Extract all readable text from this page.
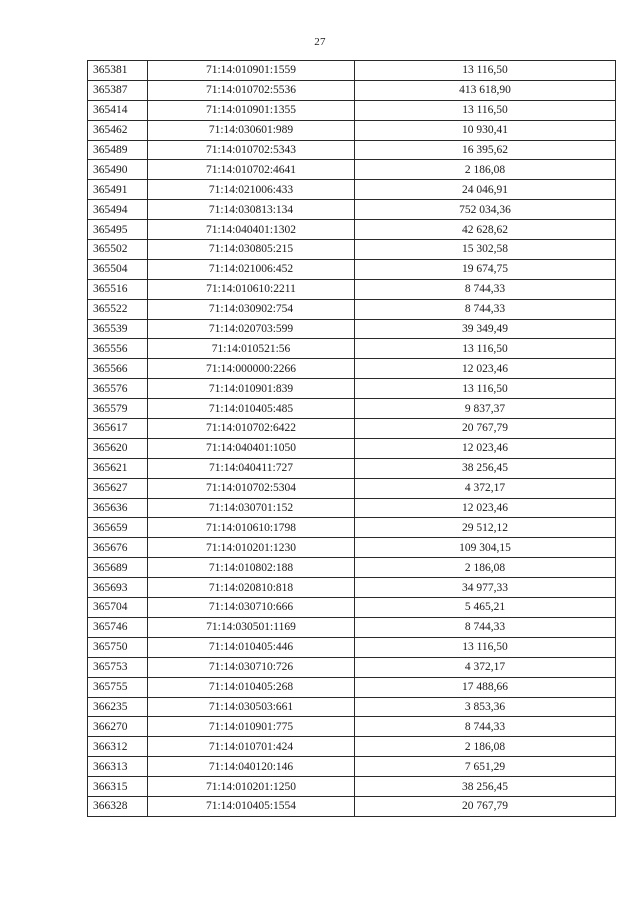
27
365381	71:14:010901:1559	13 116,50
365387	71:14:010702:5536	413 618,90
365414	71:14:010901:1355	13 116,50
365462	71:14:030601:989	10 930,41
365489	71:14:010702:5343	16 395,62
365490	71:14:010702:4641	2 186,08
365491	71:14:021006:433	24 046,91
365494	71:14:030813:134	752 034,36
365495	71:14:040401:1302	42 628,62
365502	71:14:030805:215	15 302,58
365504	71:14:021006:452	19 674,75
365516	71:14:010610:2211	8 744,33
365522	71:14:030902:754	8 744,33
365539	71:14:020703:599	39 349,49
365556	71:14:010521:56	13 116,50
365566	71:14:000000:2266	12 023,46
365576	71:14:010901:839	13 116,50
365579	71:14:010405:485	9 837,37
365617	71:14:010702:6422	20 767,79
365620	71:14:040401:1050	12 023,46
365621	71:14:040411:727	38 256,45
365627	71:14:010702:5304	4 372,17
365636	71:14:030701:152	12 023,46
365659	71:14:010610:1798	29 512,12
365676	71:14:010201:1230	109 304,15
365689	71:14:010802:188	2 186,08
365693	71:14:020810:818	34 977,33
365704	71:14:030710:666	5 465,21
365746	71:14:030501:1169	8 744,33
365750	71:14:010405:446	13 116,50
365753	71:14:030710:726	4 372,17
365755	71:14:010405:268	17 488,66
366235	71:14:030503:661	3 853,36
366270	71:14:010901:775	8 744,33
366312	71:14:010701:424	2 186,08
366313	71:14:040120:146	7 651,29
366315	71:14:010201:1250	38 256,45
366328	71:14:010405:1554	20 767,79
